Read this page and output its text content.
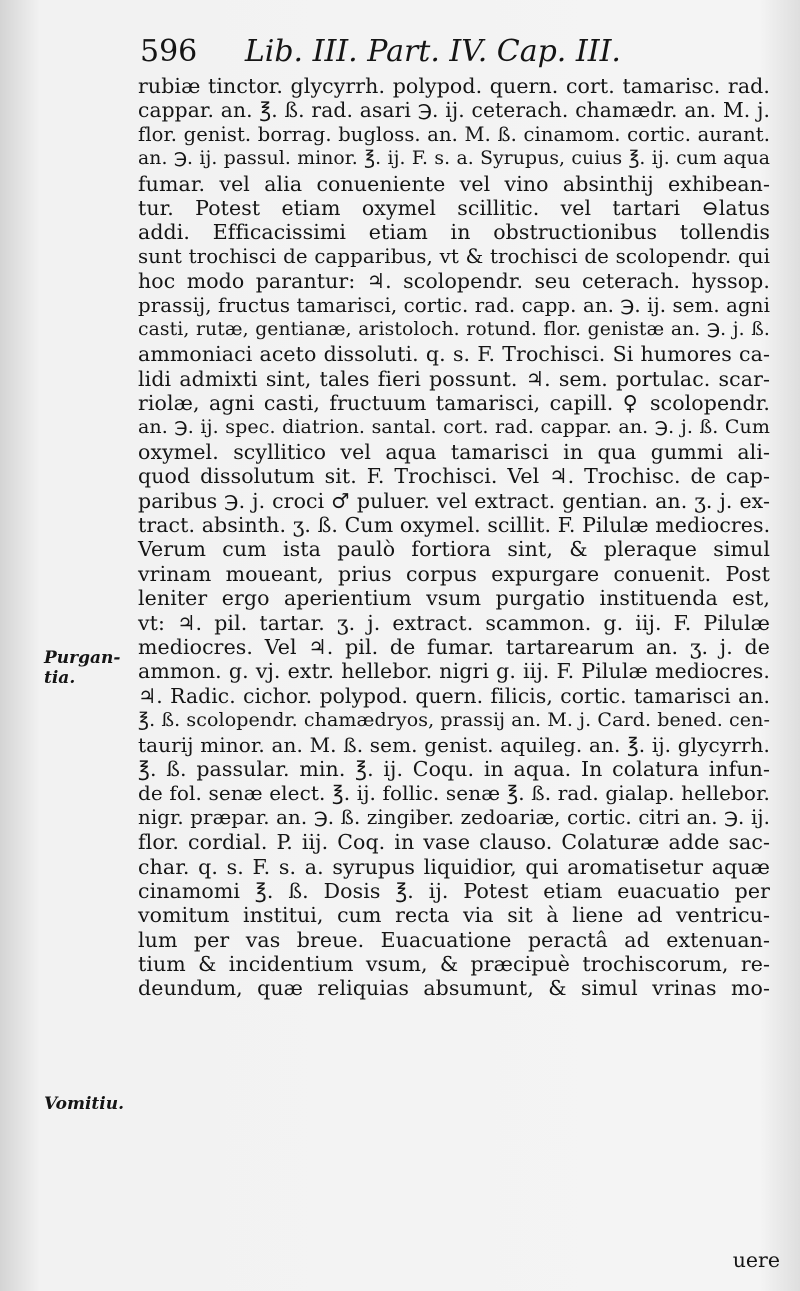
596 Lib. III. Part. IV. Cap. III.
rubiæ tinctor. glycyrrh. polypod. quern. cort. tamarisc. rad.
cappar. an. ℥. ß. rad. asari ℈. ij. ceterach. chamædr. an. M. j.
flor. genist. borrag. bugloss. an. M. ß. cinamom. cortic. aurant.
an. ℈. ij. passul. minor. ℥. ij. F. s. a. Syrupus, cuius ℥. ij. cum aqua
fumar. vel alia conueniente vel vino absinthij exhibean-
tur. Potest etiam oxymel scillitic. vel tartari ⊖latus
addi. Efficacissimi etiam in obstructionibus tollendis
sunt trochisci de capparibus, vt & trochisci de scolopendr. qui
hoc modo parantur: ♃. scolopendr. seu ceterach. hyssop.
prassij, fructus tamarisci, cortic. rad. capp. an. ℈. ij. sem. agni
casti, rutæ, gentianæ, aristoloch. rotund. flor. genistæ an. ℈. j. ß.
ammoniaci aceto dissoluti. q. s. F. Trochisci. Si humores ca-
lidi admixti sint, tales fieri possunt. ♃. sem. portulac. scar-
riolæ, agni casti, fructuum tamarisci, capill. ♀ scolopendr.
an. ℈. ij. spec. diatrion. santal. cort. rad. cappar. an. ℈. j. ß. Cum
oxymel. scyllitico vel aqua tamarisci in qua gummi ali-
quod dissolutum sit. F. Trochisci. Vel ♃. Trochisc. de cap-
paribus ℈. j. croci ♂ puluer. vel extract. gentian. an. ʒ. j. ex-
tract. absinth. ʒ. ß. Cum oxymel. scillit. F. Pilulæ mediocres.
Verum cum ista paulò fortiora sint, & pleraque simul
vrinam moueant, prius corpus expurgare conuenit. Post
leniter ergo aperientium vsum purgatio instituenda est,
vt: ♃. pil. tartar. ʒ. j. extract. scammon. g. iij. F. Pilulæ
mediocres. Vel ♃. pil. de fumar. tartarearum an. ʒ. j. de
ammon. g. vj. extr. hellebor. nigri g. iij. F. Pilulæ mediocres.
♃. Radic. cichor. polypod. quern. filicis, cortic. tamarisci an.
℥. ß. scolopendr. chamædryos, prassij an. M. j. Card. bened. cen-
taurij minor. an. M. ß. sem. genist. aquileg. an. ℥. ij. glycyrrh.
℥. ß. passular. min. ℥. ij. Coqu. in aqua. In colatura infun-
de fol. senæ elect. ℥. ij. follic. senæ ℥. ß. rad. gialap. hellebor.
nigr. præpar. an. ℈. ß. zingiber. zedoariæ, cortic. citri an. ℈. ij.
flor. cordial. P. iij. Coq. in vase clauso. Colaturæ adde sac-
char. q. s. F. s. a. syrupus liquidior, qui aromatisetur aquæ
cinamomi ℥. ß. Dosis ℥. ij. Potest etiam euacuatio per
vomitum institui, cum recta via sit à liene ad ventricu-
lum per vas breue. Euacuatione peractâ ad extenuan-
tium & incidentium vsum, & præcipuè trochiscorum, re-
deundum, quæ reliquias absumunt, & simul vrinas mo-
uere
Purgan-
tia.
Vomitiu.
